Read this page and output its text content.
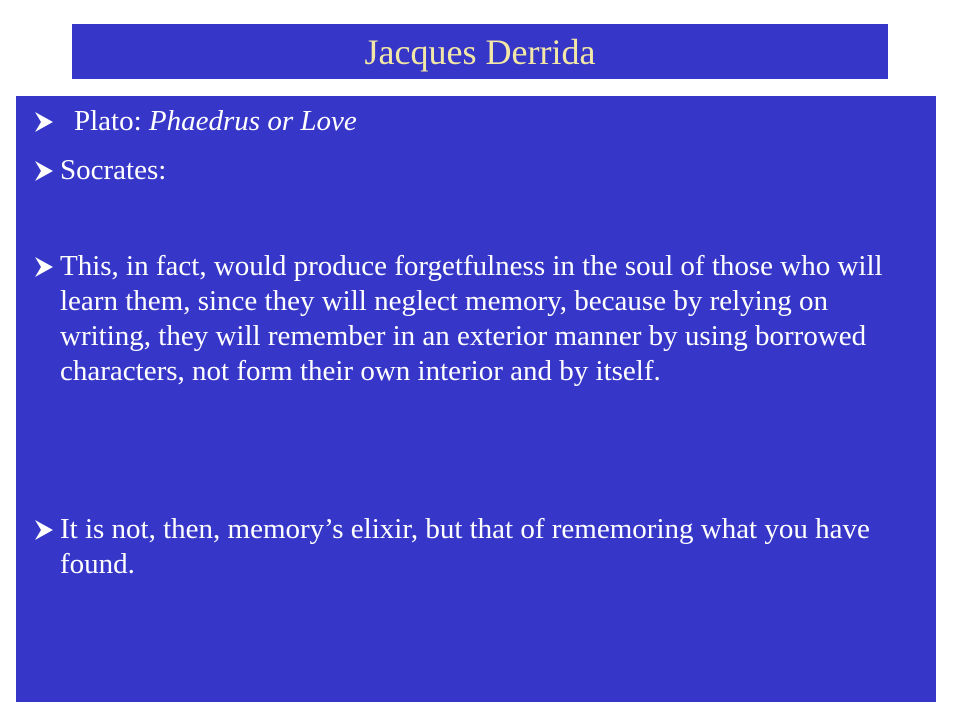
Jacques Derrida
Plato: Phaedrus or Love
Socrates:
This, in fact, would produce forgetfulness in the soul of those who will learn them, since they will neglect memory, because by relying on writing, they will remember in an exterior manner by using borrowed characters, not form their own interior and by itself.
It is not, then, memory’s elixir, but that of rememoring what you have found.
